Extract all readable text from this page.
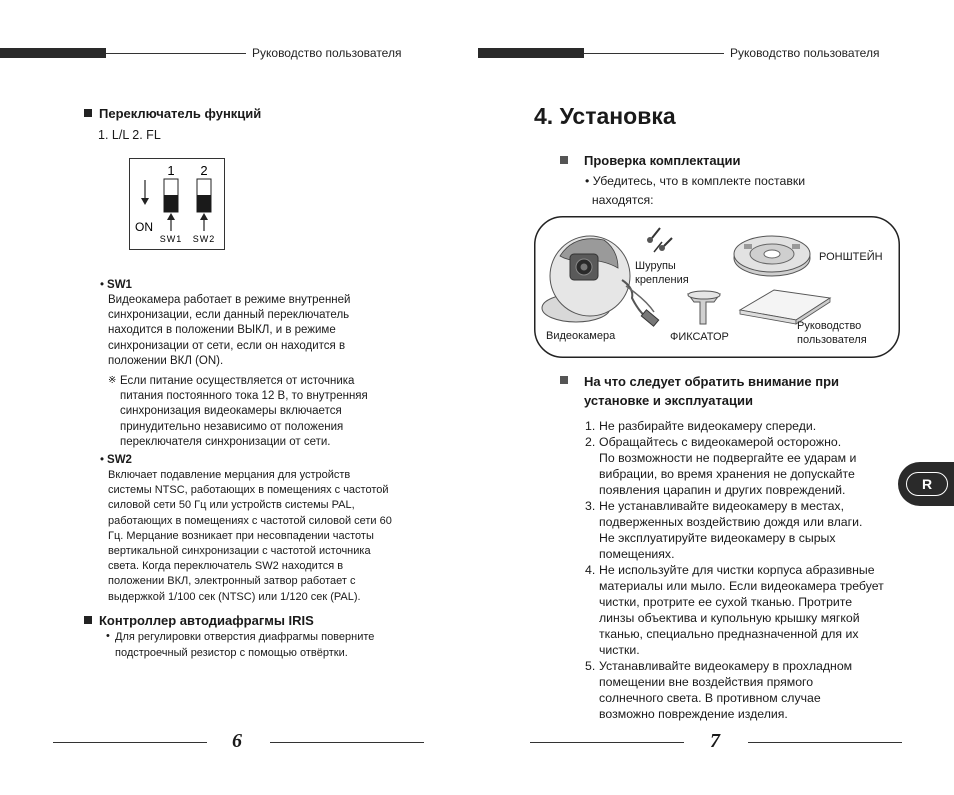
Руководство пользователя	Руководство пользователя
Переключатель функций
1. L/L 2. FL
1 2
ON
SW1 SW2
• SW1
Видеокамера работает в режиме внутренней
синхронизации, если данный переключатель
находится в положении ВЫКЛ, и в режиме
синхронизации от сети, если он находится в
положении ВКЛ (ON).
※ Если питание осуществляется от источника
питания постоянного тока 12 В, то внутренняя
синхронизация видеокамеры включается
принудительно независимо от положения
переключателя синхронизации от сети.
• SW2
Включает подавление мерцания для устройств
системы NTSC, работающих в помещениях с частотой
силовой сети 50 Гц или устройств системы PAL,
работающих в помещениях с частотой силовой сети 60
Гц. Мерцание возникает при несовпадении частоты
вертикальной синхронизации с частотой источника
света. Когда переключатель SW2 находится в
положении ВКЛ, электронный затвор работает с
выдержкой 1/100 сек (NTSC) или 1/120 сек (PAL).
Контроллер автодиафрагмы IRIS
• Для регулировки отверстия диафрагмы поверните
подстроечный резистор с помощью отвёртки.
6
4. Установка
Проверка комплектации
• Убедитесь, что в комплекте поставки
находятся:
Шурупы
крепления
РОНШТЕЙН
Видеокамера	ФИКСАТОР
Руководство
пользователя
На что следует обратить внимание при
установке и эксплуатации
1. Не разбирайте видеокамеру спереди.
2. Обращайтесь с видеокамерой осторожно.
По возможности не подвергайте ее ударам и
вибрации, во время хранения не допускайте
появления царапин и других повреждений.
3. Не устанавливайте видеокамеру в местах,
подверженных воздействию дождя или влаги.
Не эксплуатируйте видеокамеру в сырых
помещениях.
4. Не используйте для чистки корпуса абразивные
материалы или мыло. Если видеокамера требует
чистки, протрите ее сухой тканью. Протрите
линзы объектива и купольную крышку мягкой
тканью, специально предназначенной для их
чистки.
5. Устанавливайте видеокамеру в прохладном
помещении вне воздействия прямого
солнечного света. В противном случае
возможно повреждение изделия.
R
7
